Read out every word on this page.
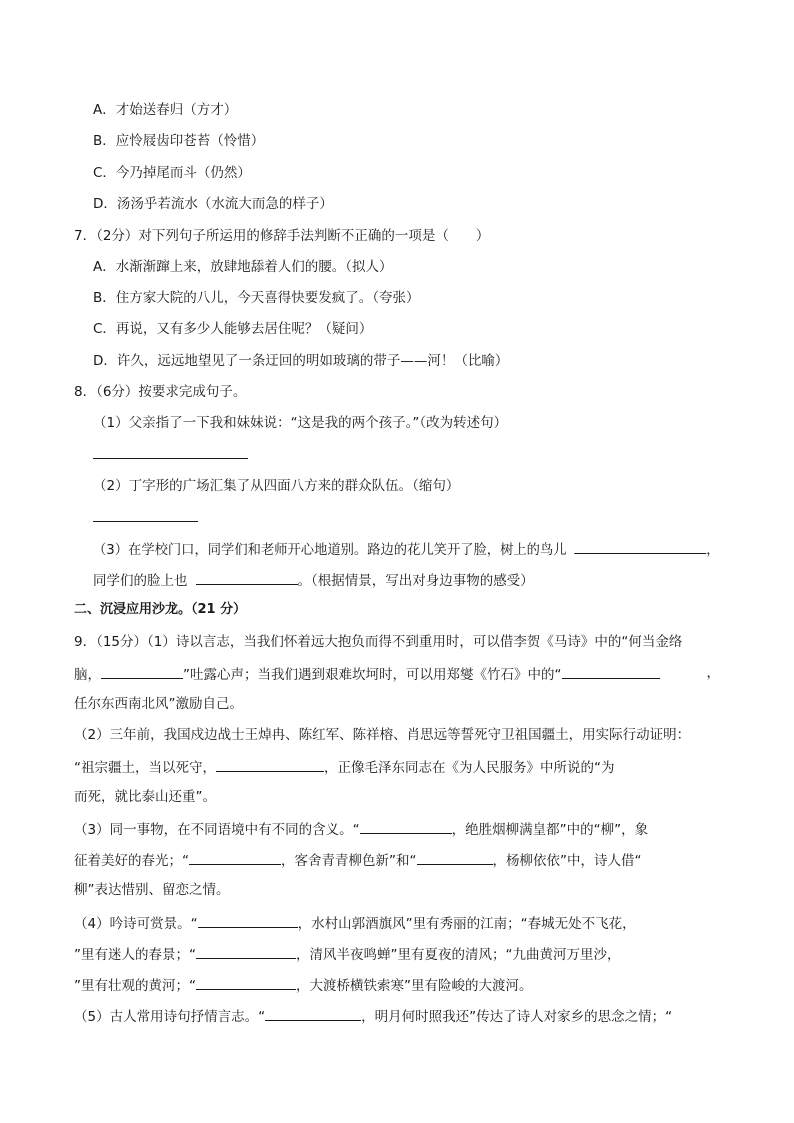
A．才始送春归（方才）
B．应怜屐齿印苍苔（怜惜）
C．今乃掉尾而斗（仍然）
D．汤汤乎若流水（水流大而急的样子）
7．（2分）对下列句子所运用的修辞手法判断不正确的一项是（　　）
A．水渐渐蹿上来，放肆地舔着人们的腰。（拟人）
B．住方家大院的八儿，今天喜得快要发疯了。（夸张）
C．再说，又有多少人能够去居住呢？（疑问）
D．许久，远远地望见了一条迂回的明如玻璃的带子——河！（比喻）
8．（6分）按要求完成句子。
（1）父亲指了一下我和妹妹说：“这是我的两个孩子。”（改为转述句）
（2）丁字形的广场汇集了从四面八方来的群众队伍。（缩句）
（3）在学校门口，同学们和老师开心地道别。路边的花儿笑开了脸，树上的鸟儿	，
同学们的脸上也	。（根据情景，写出对身边事物的感受）
二、沉浸应用沙龙。（21 分）
9．（15分）（1）诗以言志，当我们怀着远大抱负而得不到重用时，可以借李贺《马诗》中的“何当金络
脑，	”吐露心声；当我们遇到艰难坎坷时，可以用郑燮《竹石》中的“	，
任尔东西南北风”激励自己。
（2）三年前，我国戍边战士王焯冉、陈红军、陈祥榕、肖思远等誓死守卫祖国疆土，用实际行动证明：
“祖宗疆土，当以死守，	，正像毛泽东同志在《为人民服务》中所说的“为
而死，就比泰山还重”。
（3）同一事物，在不同语境中有不同的含义。“	，绝胜烟柳满皇都”中的“柳”，象
征着美好的春光；“	，客舍青青柳色新”和“	，杨柳依依”中，诗人借“
柳”表达惜别、留恋之情。
（4）吟诗可赏景。“	，水村山郭酒旗风”里有秀丽的江南；“春城无处不飞花，
”里有迷人的春景；“	，清风半夜鸣蝉”里有夏夜的清风；“九曲黄河万里沙，
”里有壮观的黄河；“	，大渡桥横铁索寒”里有险峻的大渡河。
（5）古人常用诗句抒情言志。“	，明月何时照我还”传达了诗人对家乡的思念之情；“
